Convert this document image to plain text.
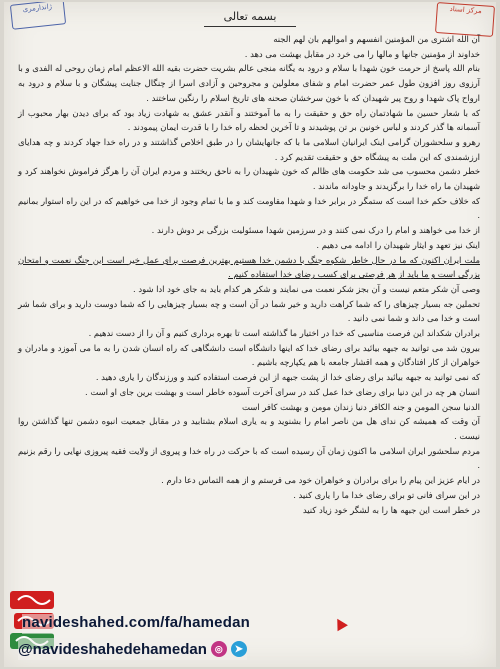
ژاندارمری	مرکز اسناد
بسمه تعالی

آن الله اشتری من المؤمنین انفسهم و اموالهم بان لهم الجنه

خداوند از مؤمنین جانها و مالها را می خرد در مقابل بهشت می دهد .

بنام الله پاسخ از حرمت خون شهدا با سلام و درود به یگانه منجی عالم بشریت حضرت بقیه الله الاعظم امام زمان روحی له الفدی و با آرزوی روز افزون طول عمر حضرت امام و شفای معلولین و مجروحین و آزادی اسرا از چنگال جنایت پیشگان و با سلام و درود به ارواح پاک شهدا و روح پیر شهیدان که با خون سرخشان صحنه های تاریخ اسلام را رنگین ساختند .

که با شعار حسین ما شهادتمان راه حق و حقیقت را به ما آموختند و آنقدر عشق به شهادت زیاد بود که برای دیدن بهار محبوب از آسمانه ها گذر کردند و لباس خونین بر تن پوشیدند و تا آخرین لحظه راه خدا را با قدرت ایمان پیمودند .

رهرو و سلحشوران گرامی اینک ایرانیان اسلامی ما با که جانهایشان را در طبق اخلاص گذاشتند و در راه خدا جهاد کردند و چه هدایای ارزشمندی که این ملت به پیشگاه حق و حقیقت تقدیم کرد .

خطر دشمن محسوب می شد حکومت های ظالم که خون شهیدان را به ناحق ریختند و مردم ایران آن را هرگز فراموش نخواهند کرد و شهیدان ما راه خدا را برگزیدند و جاودانه ماندند .

که خلاف حکم خدا است که ستمگر در برابر خدا و شهدا مقاومت کند و ما با تمام وجود از خدا می خواهیم که در این راه استوار بمانیم .

از خدا می خواهند و امام را درک نمی کنند و در سرزمین شهدا مسئولیت بزرگی بر دوش دارند .

اینک نیز تعهد و ایثار شهیدان را ادامه می دهیم .

ملت ایران اکنون که ما در حال خاطر شکوه جنگ با دشمن خدا هستیم بهترین فرصت برای عمل خیر است این جنگ نعمت و امتحان بزرگی است و ما باید از هر فرصتی برای کسب رضای خدا استفاده کنیم .

وصی آن شکر متعم نیست و آن بجز شکر نعمت می نمایند و شکر هر کدام باید به جای خود ادا شود .

تحملین جه بسیار چیزهای را که شما کراهت دارید و خیر شما در آن است و چه بسیار چیزهایی را که شما دوست دارید و برای شما شر است و خدا می داند و شما نمی دانید .

برادران شکداند این فرصت مناسبی که خدا در اختیار ما گذاشته است تا بهره برداری کنیم و آن را از دست ندهیم .

بیرون شد می توانید به جبهه بیائید برای رضای خدا که اینها دانشگاه است دانشگاهی که راه انسان شدن را به ما می آموزد و مادران و خواهران از کار افتادگان و همه اقشار جامعه با هم یکپارچه باشیم .

که نمی توانید به جبهه بیائید برای رضای خدا از پشت جبهه از این فرصت استفاده کنید و ورزندگان را یاری دهید .

انسان هر چه در این دنیا برای رضای خدا عمل کند در سرای آخرت آسوده خاطر است و بهشت برین جای او است .

الدنیا سجن المومن و جنه الکافر دنیا زندان مومن و بهشت کافر است

آن وقت که همیشه کن ندای هل من ناصر امام را بشنوید و به یاری اسلام بشتابید و در مقابل جمعیت انبوه دشمن تنها گذاشتن روا نیست .

مردم سلحشور ایران اسلامی ما اکنون زمان آن رسیده است که با حرکت در راه خدا و پیروی از ولایت فقیه پیروزی نهایی را رقم بزنیم .

در ایام عزیز این پیام را برای برادران و خواهران خود می فرستم و از همه التماس دعا دارم .

در این سرای فانی تو برای رضای خدا ما را یاری کنید .

در خطر است این جبهه ها را به لشگر خود زیاد کنید

navideshahed.com/fa/hamedan
@navideshahedehamedan ◎	➤
